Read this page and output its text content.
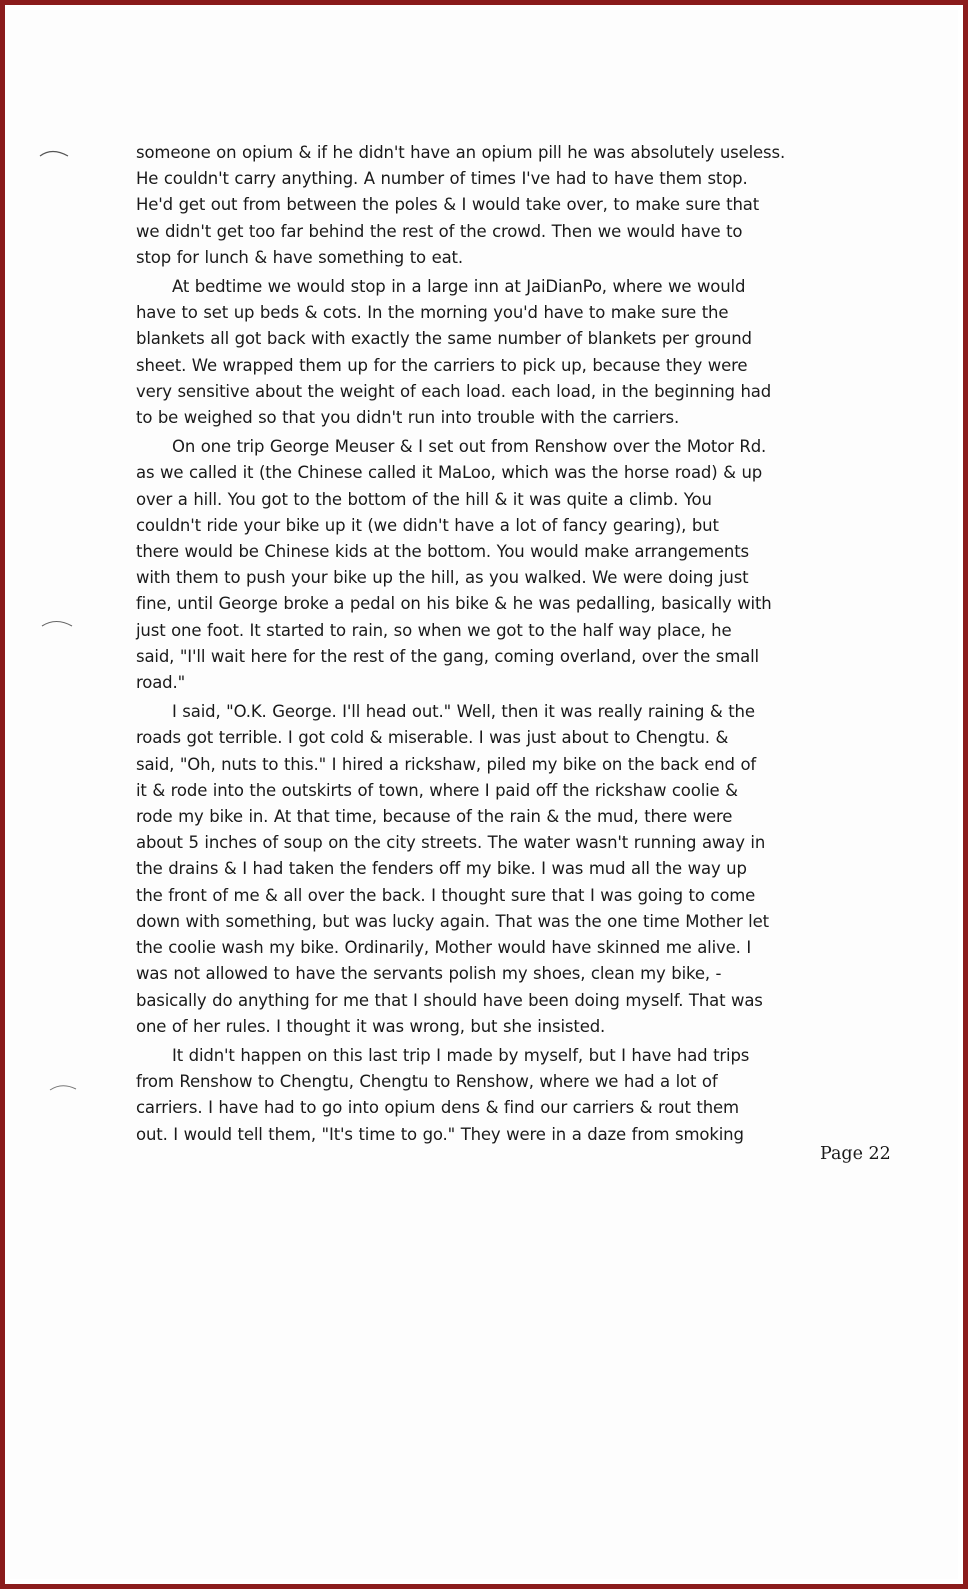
someone on opium & if he didn't have an opium pill he was absolutely useless.
He couldn't carry anything. A number of times I've had to have them stop.
He'd get out from between the poles & I would take over, to make sure that
we didn't get too far behind the rest of the crowd. Then we would have to
stop for lunch & have something to eat.
At bedtime we would stop in a large inn at JaiDianPo, where we would
have to set up beds & cots. In the morning you'd have to make sure the
blankets all got back with exactly the same number of blankets per ground
sheet. We wrapped them up for the carriers to pick up, because they were
very sensitive about the weight of each load. each load, in the beginning had
to be weighed so that you didn't run into trouble with the carriers.
On one trip George Meuser & I set out from Renshow over the Motor Rd.
as we called it (the Chinese called it MaLoo, which was the horse road) & up
over a hill. You got to the bottom of the hill & it was quite a climb. You
couldn't ride your bike up it (we didn't have a lot of fancy gearing), but
there would be Chinese kids at the bottom. You would make arrangements
with them to push your bike up the hill, as you walked. We were doing just
fine, until George broke a pedal on his bike & he was pedalling, basically with
just one foot. It started to rain, so when we got to the half way place, he
said, "I'll wait here for the rest of the gang, coming overland, over the small
road."
I said, "O.K. George. I'll head out." Well, then it was really raining & the
roads got terrible. I got cold & miserable. I was just about to Chengtu. &
said, "Oh, nuts to this." I hired a rickshaw, piled my bike on the back end of
it & rode into the outskirts of town, where I paid off the rickshaw coolie &
rode my bike in. At that time, because of the rain & the mud, there were
about 5 inches of soup on the city streets. The water wasn't running away in
the drains & I had taken the fenders off my bike. I was mud all the way up
the front of me & all over the back. I thought sure that I was going to come
down with something, but was lucky again. That was the one time Mother let
the coolie wash my bike. Ordinarily, Mother would have skinned me alive. I
was not allowed to have the servants polish my shoes, clean my bike, -
basically do anything for me that I should have been doing myself. That was
one of her rules. I thought it was wrong, but she insisted.
It didn't happen on this last trip I made by myself, but I have had trips
from Renshow to Chengtu, Chengtu to Renshow, where we had a lot of
carriers. I have had to go into opium dens & find our carriers & rout them
out. I would tell them, "It's time to go." They were in a daze from smoking
Page 22
